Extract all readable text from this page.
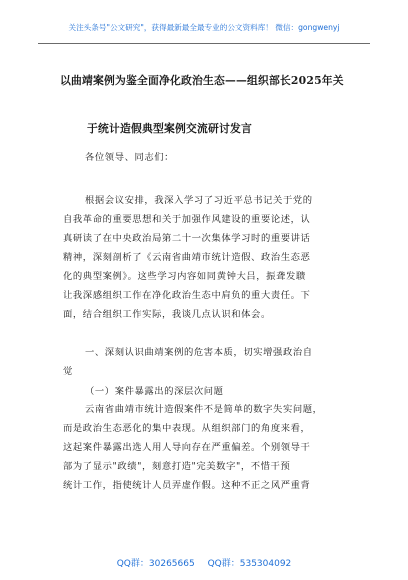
关注头条号"公文研究"，获得最新最全最专业的公文资料库！ 微信：gongwenyj
以曲靖案例为鉴全面净化政治生态——组织部长2025年关
于统计造假典型案例交流研讨发言
各位领导、同志们：
根据会议安排，我深入学习了习近平总书记关于党的
自我革命的重要思想和关于加强作风建设的重要论述，认
真研读了在中央政治局第二十一次集体学习时的重要讲话
精神，深刻剖析了《云南省曲靖市统计造假、政治生态恶
化的典型案例》。这些学习内容如同黄钟大吕，振聋发聩
让我深感组织工作在净化政治生态中肩负的重大责任。下
面，结合组织工作实际，我谈几点认识和体会。
一、深刻认识曲靖案例的危害本质，切实增强政治自
觉
（一）案件暴露出的深层次问题
云南省曲靖市统计造假案件不是简单的数字失实问题，
而是政治生态恶化的集中表现。从组织部门的角度来看，
这起案件暴露出选人用人导向存在严重偏差。个别领导干
部为了显示"政绩"，刻意打造"完美数字"，不惜干预
统计工作，指使统计人员弄虚作假。这种不正之风严重背
QQ群：30265665 QQ群：535304092
